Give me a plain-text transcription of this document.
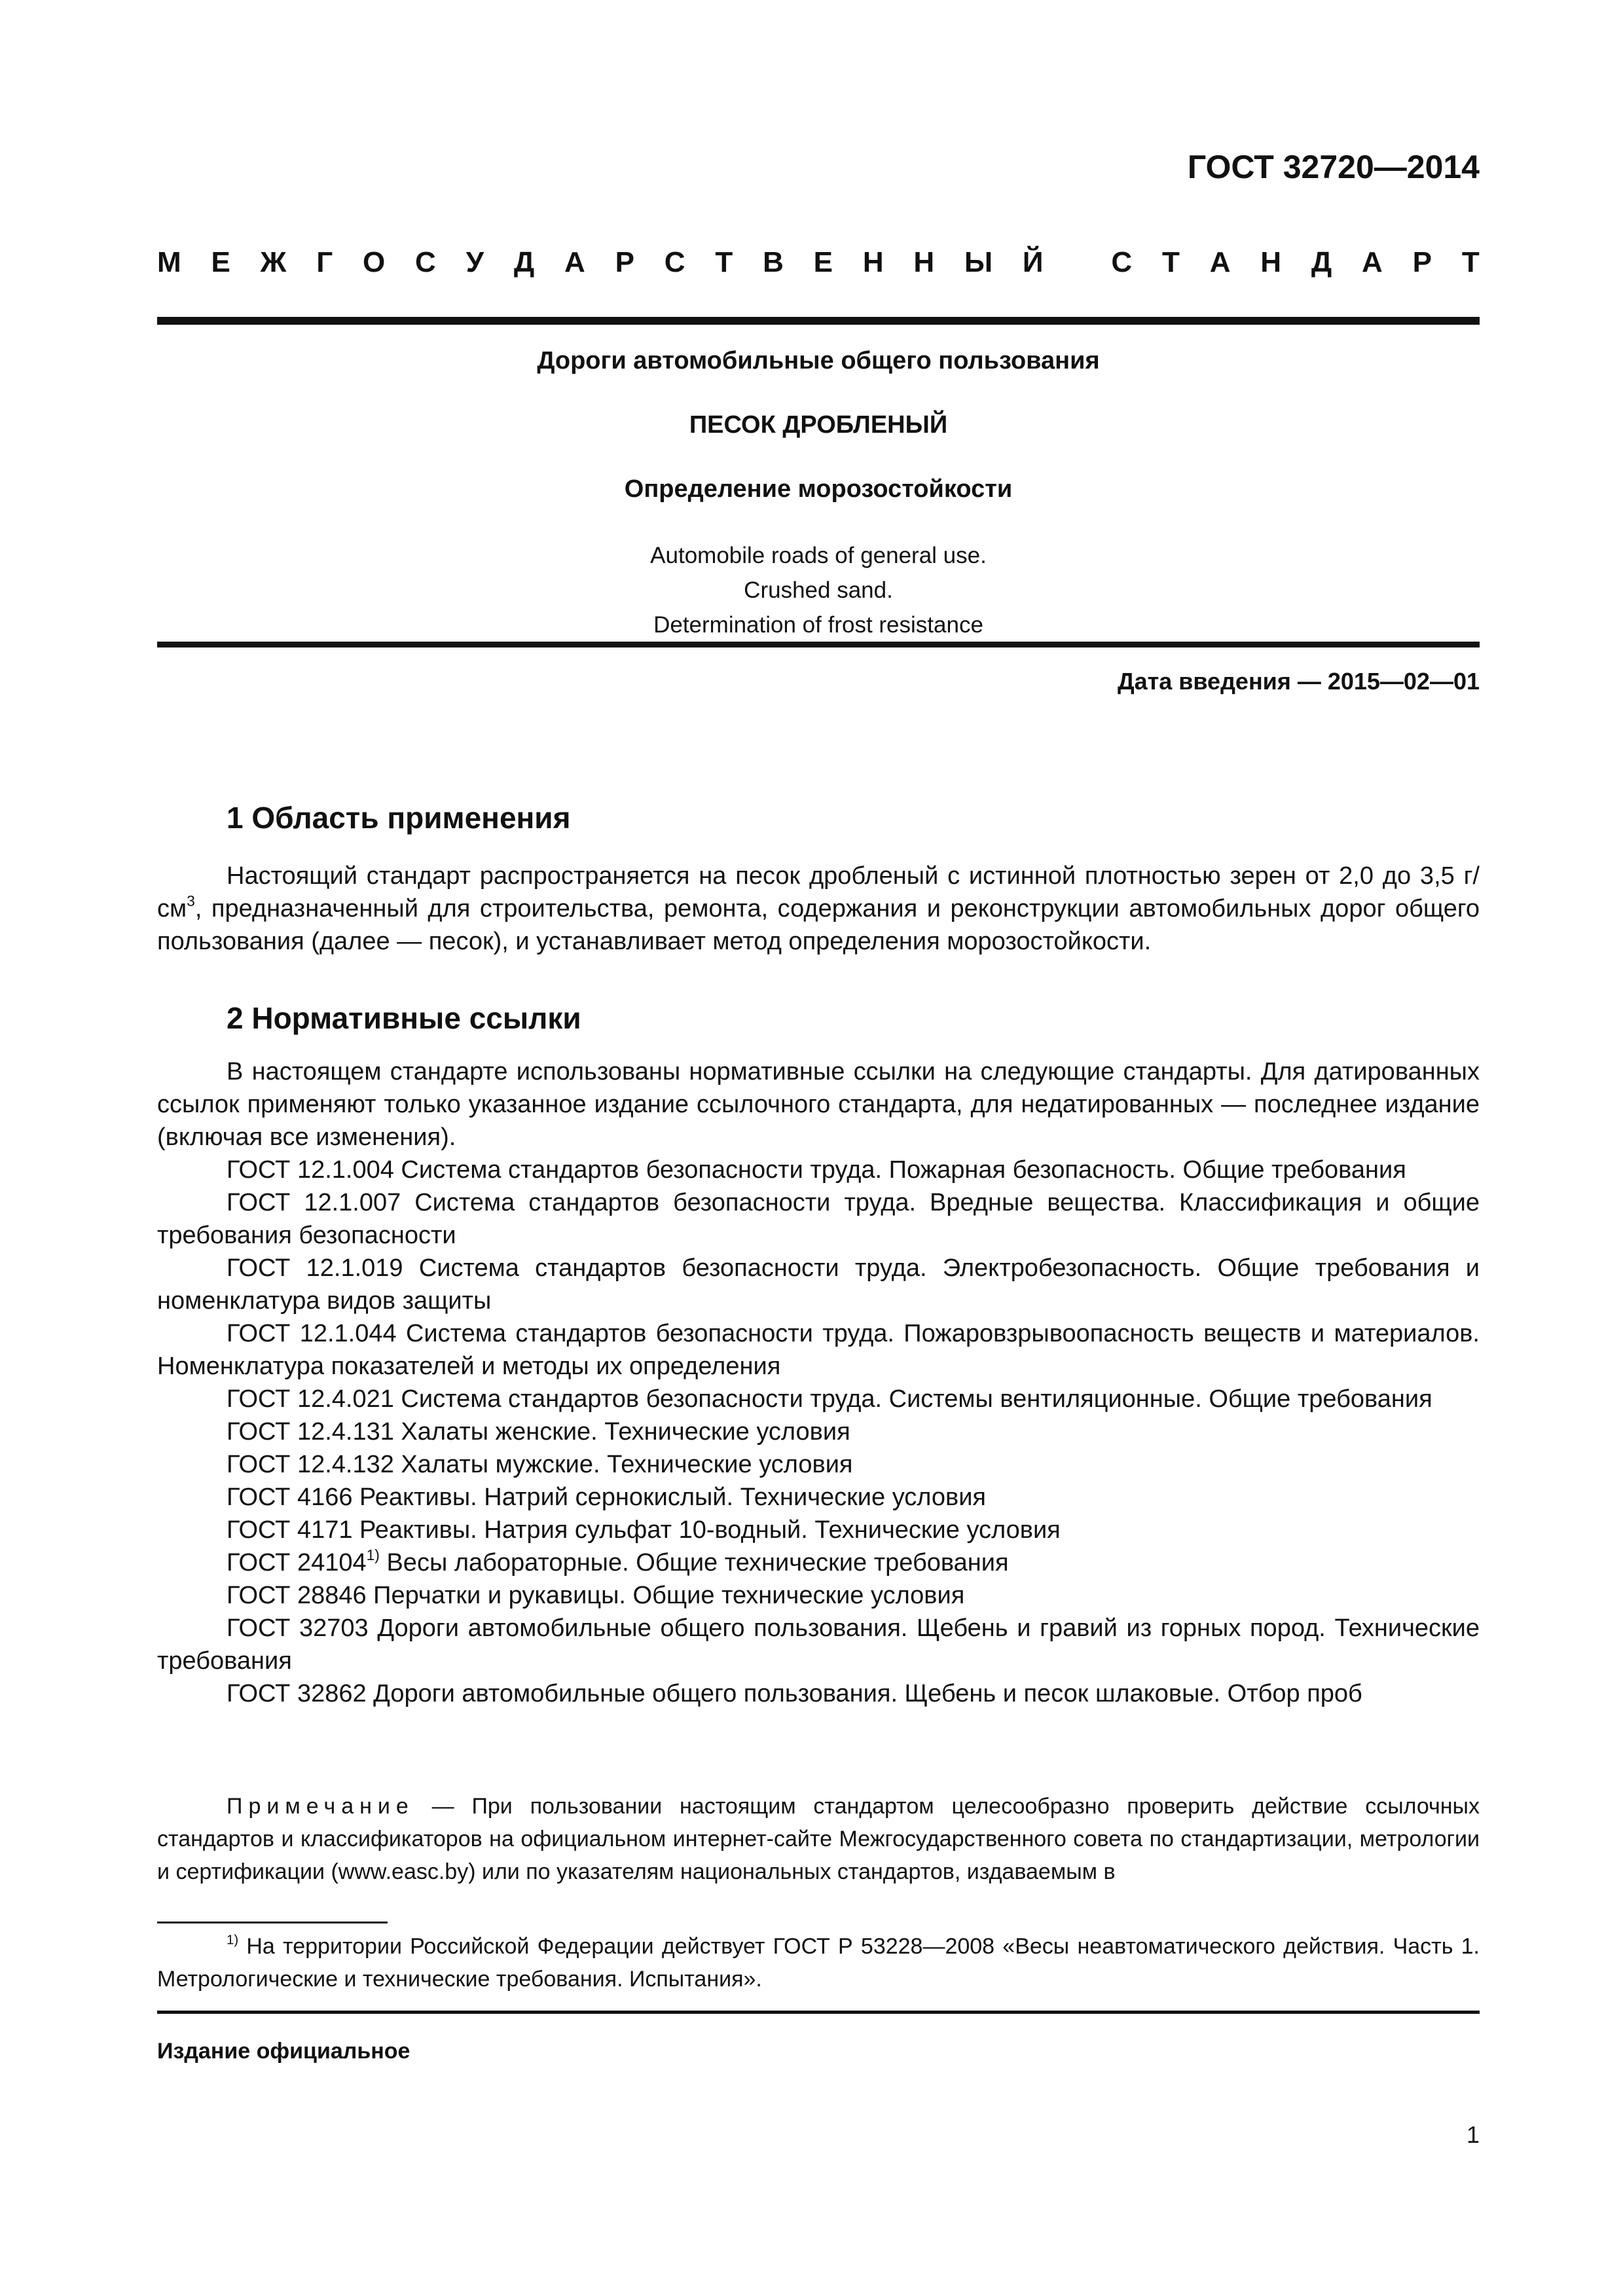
ГОСТ 32720—2014
М Е Ж Г О С У Д А Р С Т В Е Н Н Ы Й
С Т А Н Д А Р Т
Дороги автомобильные общего пользования
ПЕСОК ДРОБЛЕНЫЙ
Определение морозостойкости
Automobile roads of general use.
Crushed sand.
Determination of frost resistance
Дата введения — 2015—02—01
1 Область применения

Настоящий стандарт распространяется на песок дробленый с истинной плотностью зерен от 2,0 до 3,5 $г/см^3$, предназначенный для строительства, ремонта, содержания и реконструкции автомобильных дорог общего пользования (далее — песок), и устанавливает метод определения морозостойкости.

2 Нормативные ссылки

В настоящем стандарте использованы нормативные ссылки на следующие стандарты. Для датированных ссылок применяют только указанное издание ссылочного стандарта, для недатированных — последнее издание (включая все изменения).

ГОСТ 12.1.004 Система стандартов безопасности труда. Пожарная безопасность. Общие требования

ГОСТ 12.1.007 Система стандартов безопасности труда. Вредные вещества. Классификация и общие требования безопасности

ГОСТ 12.1.019 Система стандартов безопасности труда. Электробезопасность. Общие требования и номенклатура видов защиты

ГОСТ 12.1.044 Система стандартов безопасности труда. Пожаровзрывоопасность веществ и материалов. Номенклатура показателей и методы их определения

ГОСТ 12.4.021 Система стандартов безопасности труда. Системы вентиляционные. Общие требования

ГОСТ 12.4.131 Халаты женские. Технические условия

ГОСТ 12.4.132 Халаты мужские. Технические условия

ГОСТ 4166 Реактивы. Натрий сернокислый. Технические условия

ГОСТ 4171 Реактивы. Натрия сульфат 10-водный. Технические условия

ГОСТ 24104$^{1)}$ Весы лабораторные. Общие технические требования

ГОСТ 28846 Перчатки и рукавицы. Общие технические условия

ГОСТ 32703 Дороги автомобильные общего пользования. Щебень и гравий из горных пород. Технические требования

ГОСТ 32862 Дороги автомобильные общего пользования. Щебень и песок шлаковые. Отбор проб

Примечание — При пользовании настоящим стандартом целесообразно проверить действие ссылочных стандартов и классификаторов на официальном интернет-сайте Межгосударственного совета по стандартизации, метрологии и сертификации (www.easc.by) или по указателям национальных стандартов, издаваемым в

$^{1)}$ На территории Российской Федерации действует ГОСТ Р 53228—2008 «Весы неавтоматического действия. Часть 1. Метрологические и технические требования. Испытания».

Издание официальное
1
